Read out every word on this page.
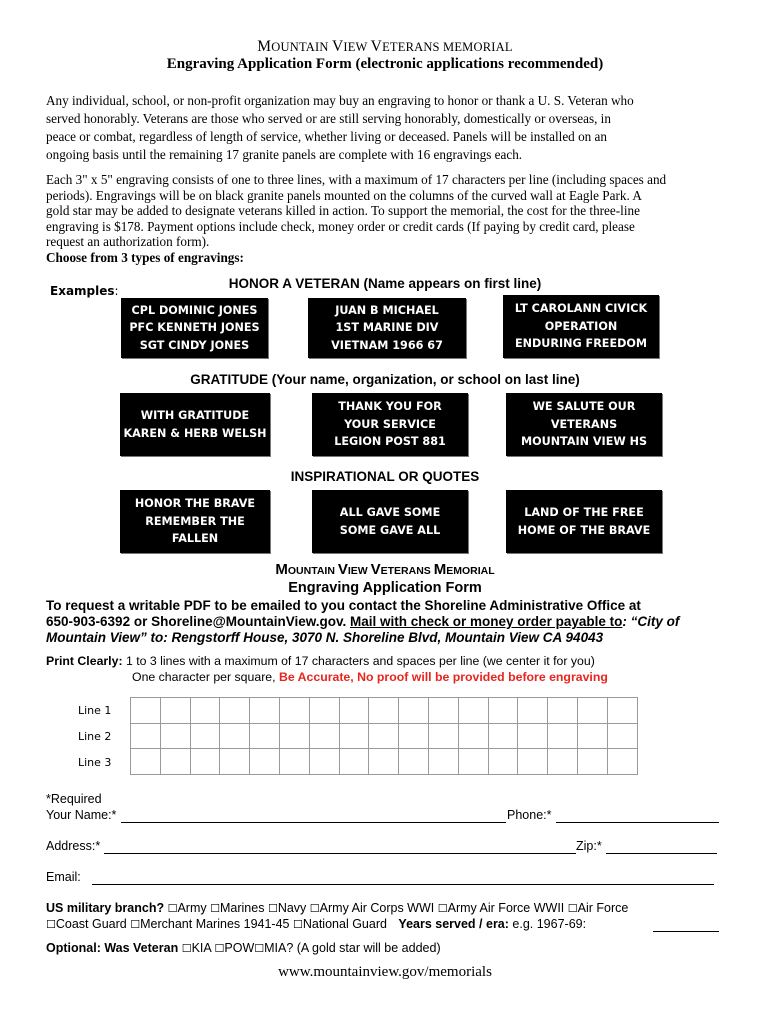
MOUNTAIN VIEW VETERANS MEMORIAL
Engraving Application Form (electronic applications recommended)
Any individual, school, or non-profit organization may buy an engraving to honor or thank a U. S. Veteran who
served honorably. Veterans are those who served or are still serving honorably, domestically or overseas, in
peace or combat, regardless of length of service, whether living or deceased. Panels will be installed on an
ongoing basis until the remaining 17 granite panels are complete with 16 engravings each.
Each 3" x 5" engraving consists of one to three lines, with a maximum of 17 characters per line (including spaces and
periods). Engravings will be on black granite panels mounted on the columns of the curved wall at Eagle Park. A
gold star may be added to designate veterans killed in action. To support the memorial, the cost for the three-line
engraving is $178. Payment options include check, money order or credit cards (If paying by credit card, please
request an authorization form).
Choose from 3 types of engravings:
Examples:	HONOR A VETERAN (Name appears on first line)
CPL DOMINIC JONES
PFC KENNETH JONES
SGT CINDY JONES
JUAN B MICHAEL
1ST MARINE DIV
VIETNAM 1966 67
LT CAROLANN CIVICK
OPERATION
ENDURING FREEDOM
GRATITUDE (Your name, organization, or school on last line)
WITH GRATITUDE
KAREN & HERB WELSH
THANK YOU FOR
YOUR SERVICE
LEGION POST 881
WE SALUTE OUR
VETERANS
MOUNTAIN VIEW HS
INSPIRATIONAL OR QUOTES
HONOR THE BRAVE
REMEMBER THE
FALLEN
ALL GAVE SOME
SOME GAVE ALL
LAND OF THE FREE
HOME OF THE BRAVE
MOUNTAIN VIEW VETERANS MEMORIAL
Engraving Application Form
To request a writable PDF to be emailed to you contact the Shoreline Administrative Office at
650-903-6392 or Shoreline@MountainView.gov. Mail with check or money order payable to: “City of
Mountain View” to: Rengstorff House, 3070 N. Shoreline Blvd, Mountain View CA 94043
Print Clearly: 1 to 3 lines with a maximum of 17 characters and spaces per line (we center it for you)
One character per square, Be Accurate, No proof will be provided before engraving
Line 1
Line 2
Line 3

*Required
Your Name:*	Phone:*
Address:*	Zip:*
Email:
US military branch? ☐Army ☐Marines ☐Navy ☐Army Air Corps WWI ☐Army Air Force WWII ☐Air Force
☐Coast Guard ☐Merchant Marines 1941-45 ☐National Guard Years served / era: e.g. 1967-69:
Optional: Was Veteran ☐KIA ☐POW☐MIA? (A gold star will be added)
www.mountainview.gov/memorials
